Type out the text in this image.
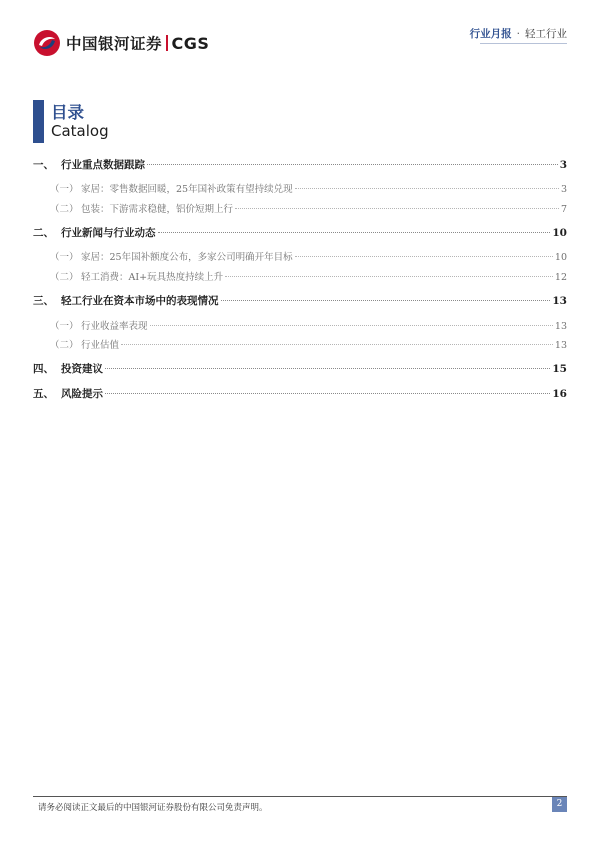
中国银河证券 CGS	行业月报 · 轻工行业
目录
Catalog
一、 行业重点数据跟踪	3
（一） 家居：零售数据回暖，25年国补政策有望持续兑现	3
（二） 包装：下游需求稳健，铝价短期上行	7
二、 行业新闻与行业动态	10
（一） 家居：25年国补额度公布，多家公司明确开年目标	10
（二） 轻工消费：AI+玩具热度持续上升	12
三、 轻工行业在资本市场中的表现情况	13
（一） 行业收益率表现	13
（二） 行业估值	13
四、 投资建议	15
五、 风险提示	16
请务必阅读正文最后的中国银河证券股份有限公司免责声明。	2
